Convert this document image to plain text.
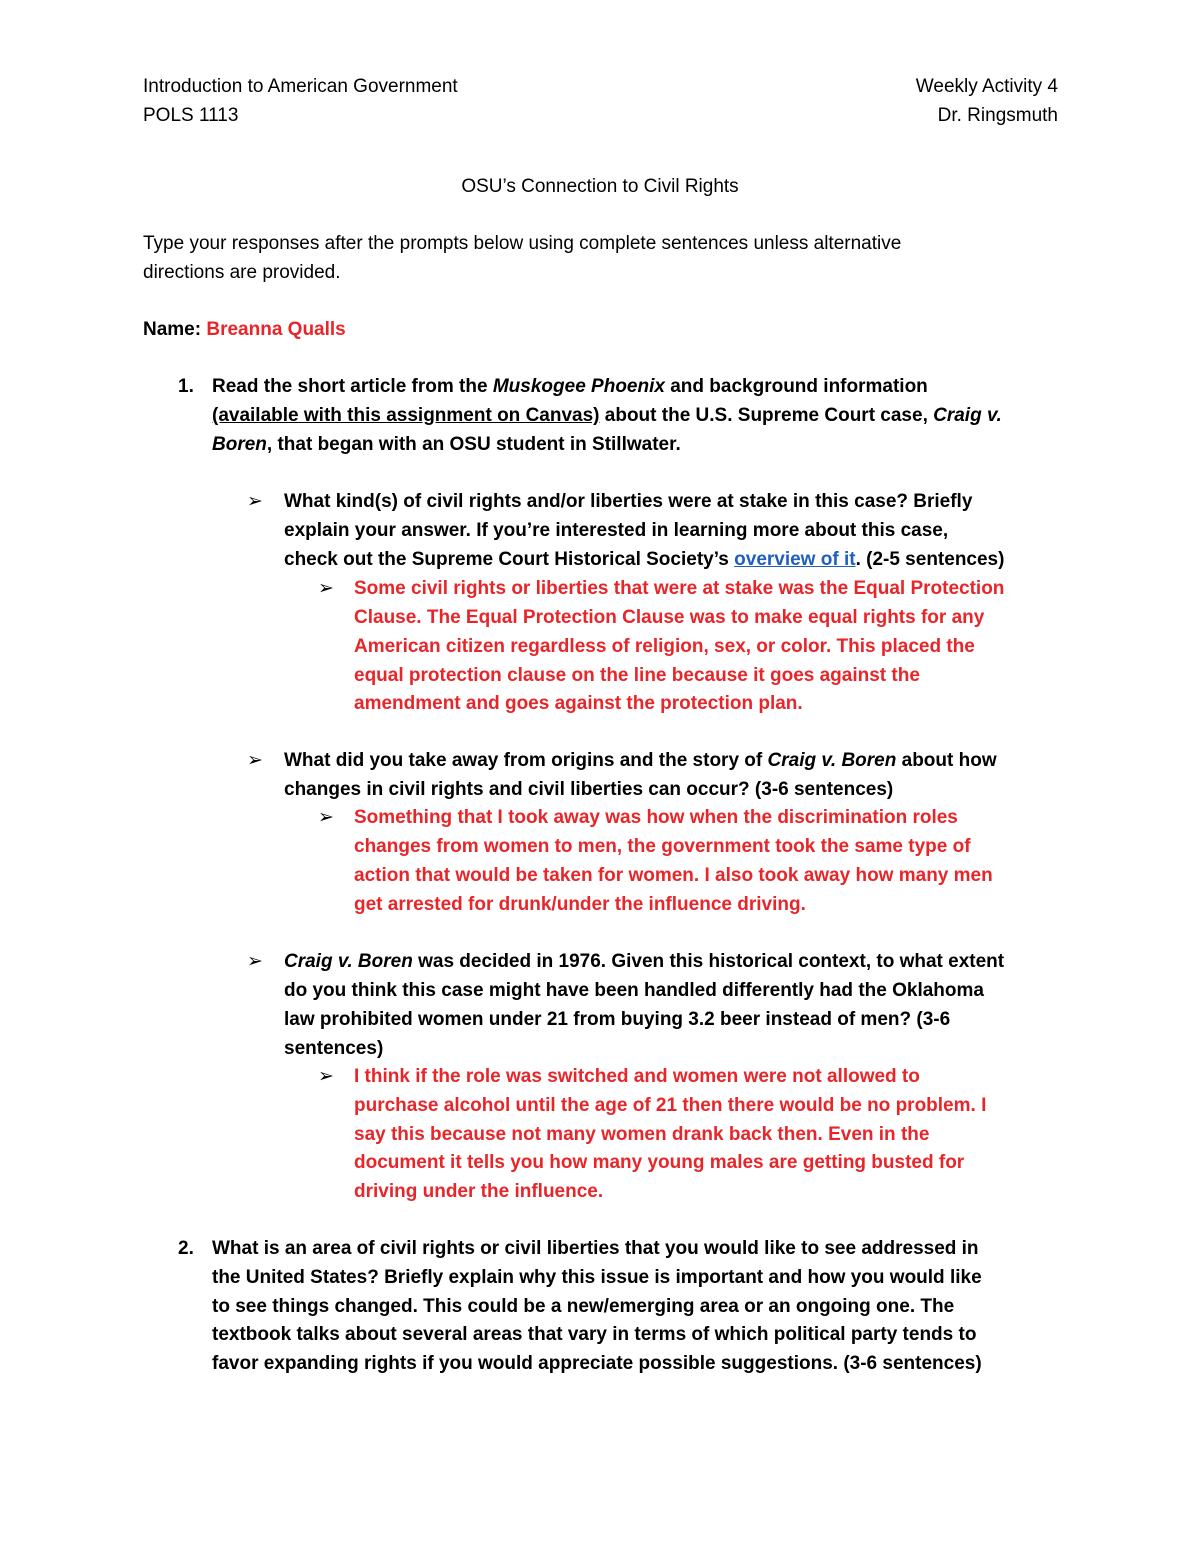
Introduction to American Government
POLS 1113
Weekly Activity 4
Dr. Ringsmuth
OSU’s Connection to Civil Rights
Type your responses after the prompts below using complete sentences unless alternative
directions are provided.
Name: Breanna Qualls
1. Read the short article from the Muskogee Phoenix and background information
(available with this assignment on Canvas) about the U.S. Supreme Court case, Craig v.
Boren, that began with an OSU student in Stillwater.
➢ What kind(s) of civil rights and/or liberties were at stake in this case? Briefly
explain your answer. If you’re interested in learning more about this case,
check out the Supreme Court Historical Society’s overview of it. (2-5 sentences)
➢ Some civil rights or liberties that were at stake was the Equal Protection
Clause. The Equal Protection Clause was to make equal rights for any
American citizen regardless of religion, sex, or color. This placed the
equal protection clause on the line because it goes against the
amendment and goes against the protection plan.
➢ What did you take away from origins and the story of Craig v. Boren about how
changes in civil rights and civil liberties can occur? (3-6 sentences)
➢ Something that I took away was how when the discrimination roles
changes from women to men, the government took the same type of
action that would be taken for women. I also took away how many men
get arrested for drunk/under the influence driving.
➢ Craig v. Boren was decided in 1976. Given this historical context, to what extent
do you think this case might have been handled differently had the Oklahoma
law prohibited women under 21 from buying 3.2 beer instead of men? (3-6
sentences)
➢ I think if the role was switched and women were not allowed to
purchase alcohol until the age of 21 then there would be no problem. I
say this because not many women drank back then. Even in the
document it tells you how many young males are getting busted for
driving under the influence.
2. What is an area of civil rights or civil liberties that you would like to see addressed in
the United States? Briefly explain why this issue is important and how you would like
to see things changed. This could be a new/emerging area or an ongoing one. The
textbook talks about several areas that vary in terms of which political party tends to
favor expanding rights if you would appreciate possible suggestions. (3-6 sentences)
